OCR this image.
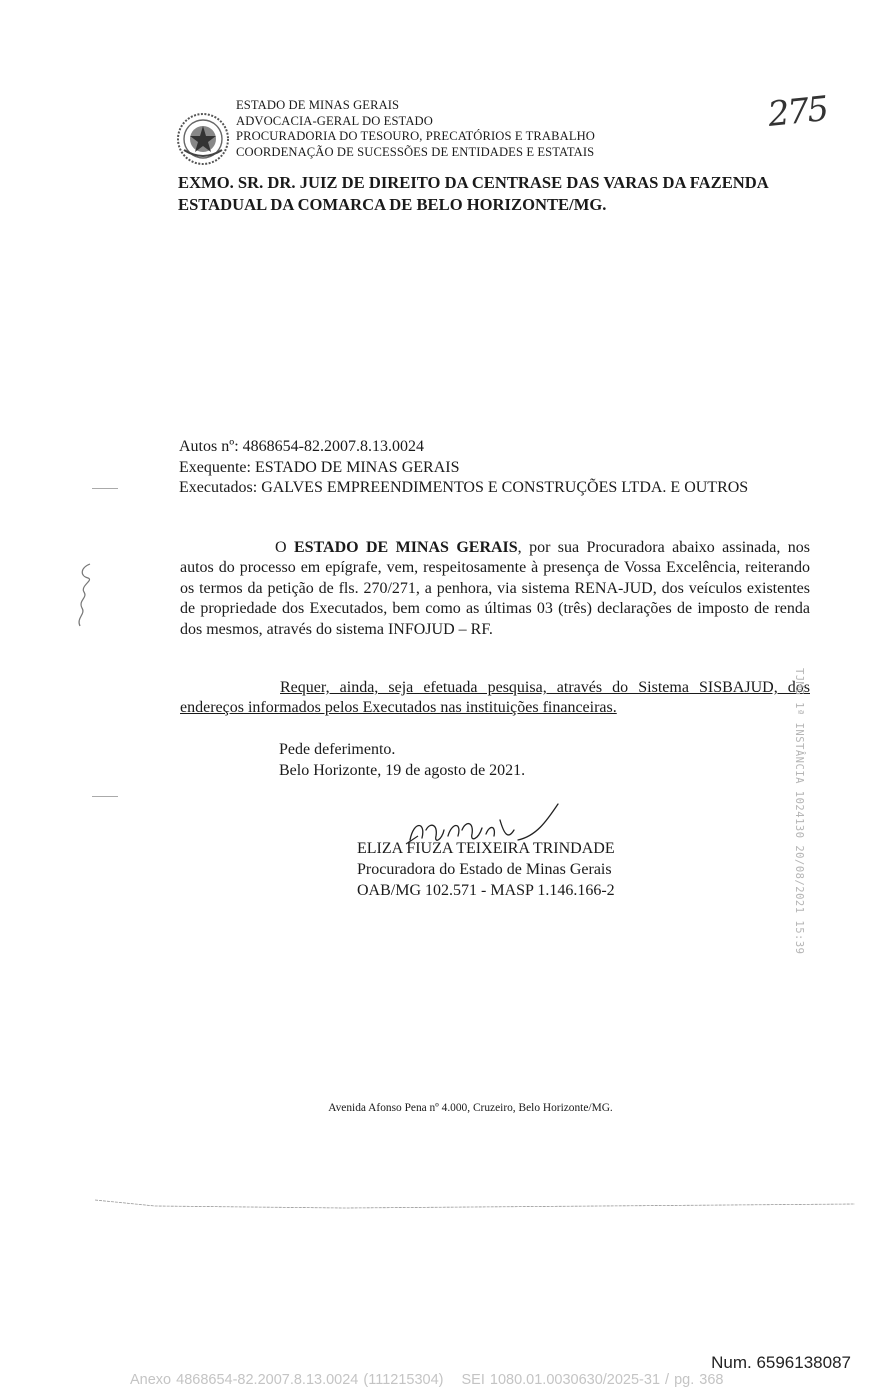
ESTADO DE MINAS GERAIS
ADVOCACIA-GERAL DO ESTADO
PROCURADORIA DO TESOURO, PRECATÓRIOS E TRABALHO
COORDENAÇÃO DE SUCESSÕES DE ENTIDADES E ESTATAIS
275
EXMO. SR. DR. JUIZ DE DIREITO DA CENTRASE DAS VARAS DA FAZENDA ESTADUAL DA COMARCA DE BELO HORIZONTE/MG.
Autos nº: 4868654-82.2007.8.13.0024
Exequente: ESTADO DE MINAS GERAIS
Executados: GALVES EMPREENDIMENTOS E CONSTRUÇÕES LTDA. E OUTROS
O ESTADO DE MINAS GERAIS, por sua Procuradora abaixo assinada, nos autos do processo em epígrafe, vem, respeitosamente à presença de Vossa Excelência, reiterando os termos da petição de fls. 270/271, a penhora, via sistema RENA-JUD, dos veículos existentes de propriedade dos Executados, bem como as últimas 03 (três) declarações de imposto de renda dos mesmos, através do sistema INFOJUD – RF.
Requer, ainda, seja efetuada pesquisa, através do Sistema SISBAJUD, dos endereços informados pelos Executados nas instituições financeiras.
Pede deferimento.
Belo Horizonte, 19 de agosto de 2021.
ELIZA FIUZA TEIXEIRA TRINDADE
Procuradora do Estado de Minas Gerais
OAB/MG 102.571 - MASP 1.146.166-2	TJMG 1ª INSTÂNCIA 1024130 20/08/2021 15:39
Avenida Afonso Pena nº 4.000, Cruzeiro, Belo Horizonte/MG.
Num. 6596138087
Anexo 4868654-82.2007.8.13.0024 (111215304) SEI 1080.01.0030630/2025-31 / pg. 368
